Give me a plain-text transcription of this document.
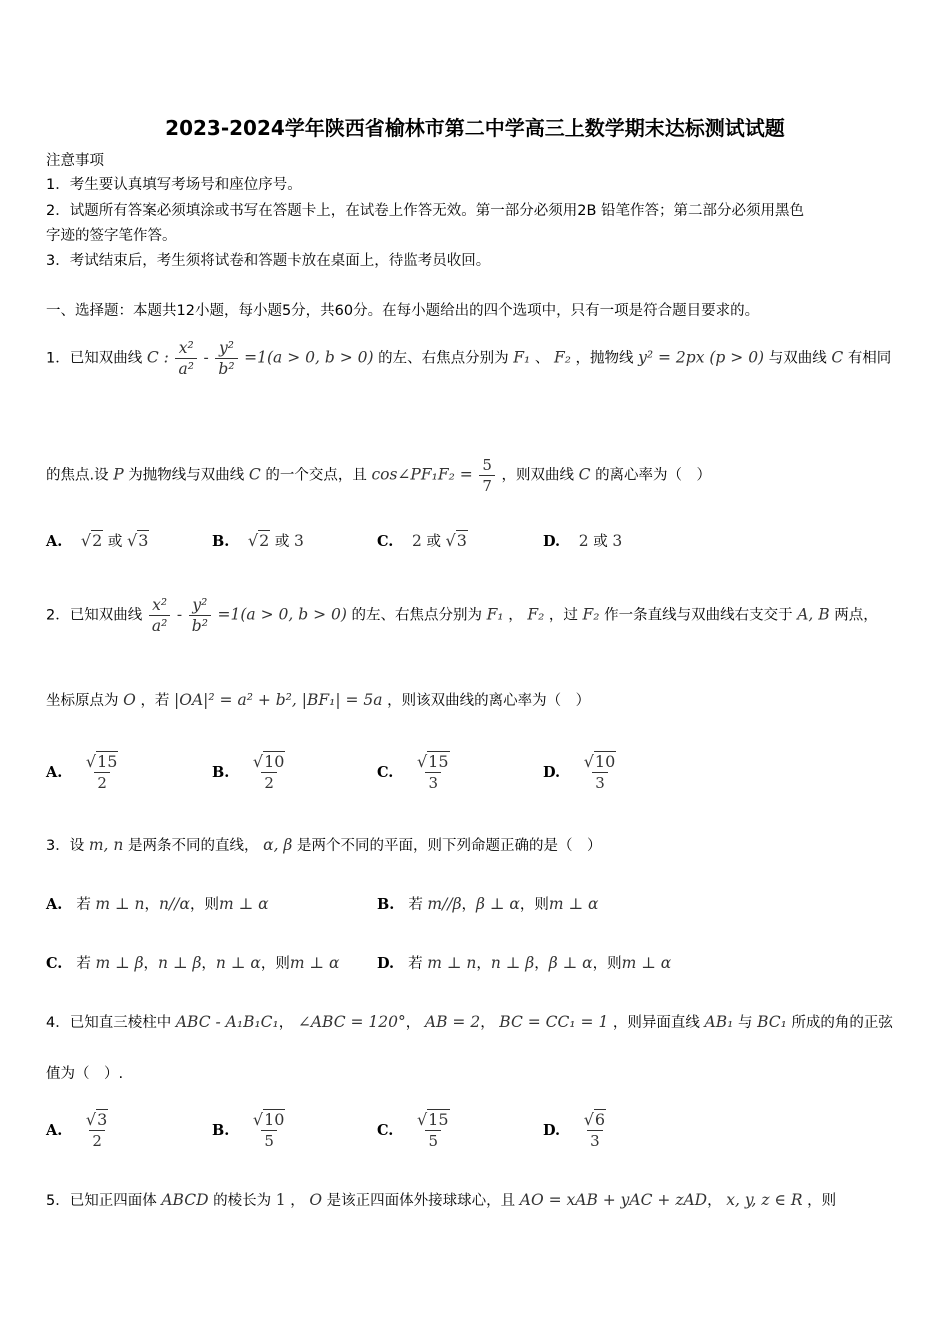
2023-2024学年陕西省榆林市第二中学高三上数学期末达标测试试题
注意事项
1．考生要认真填写考场号和座位序号。
2．试题所有答案必须填涂或书写在答题卡上，在试卷上作答无效。第一部分必须用2B 铅笔作答；第二部分必须用黑色
字迹的签字笔作答。
3．考试结束后，考生须将试卷和答题卡放在桌面上，待监考员收回。
一、选择题：本题共12小题，每小题5分，共60分。在每小题给出的四个选项中，只有一项是符合题目要求的。
1．已知双曲线 C : $\frac{\text{x²}}{\text{a²}} - \frac{\text{y²}}{\text{b²}} =1(a > 0$, b > 0) 的左、右焦点分别为 F₁ 、 F₂ ，抛物线 y² = 2px (p > 0) 与双曲线 C 有相同
的焦点.设 P 为抛物线与双曲线 C 的一个交点，且 cos∠PF₁F₂ = $\frac{5}{7}$ ，则双曲线 C 的离心率为（　）
A. √2 或 √3	B. √2 或 3	C. 2 或 √3	D. 2 或 3
2．已知双曲线 $\frac{\text{x²}}{\text{a²}} - \frac{\text{y²}}{\text{b²}} =1(a > 0$, b > 0) 的左、右焦点分别为 F₁ ， F₂ ，过 F₂ 作一条直线与双曲线右支交于 A, B 两点，
坐标原点为 O ，若 |OA|² = a² + b², |BF₁| = 5a ，则该双曲线的离心率为（　）
A. $\frac{√15}{2}$	B. $\frac{√10}{2}$	C. $\frac{√15}{3}$	D. $\frac{√10}{3}$
3．设 m, n 是两条不同的直线， α, β 是两个不同的平面，则下列命题正确的是（　）
A. 若 m ⊥ n，n//α，则m ⊥ α	B. 若 m//β，β ⊥ α，则m ⊥ α
C. 若 m ⊥ β，n ⊥ β，n ⊥ α，则m ⊥ α	D. 若 m ⊥ n，n ⊥ β，β ⊥ α，则m ⊥ α
4．已知直三棱柱中 ABC - A₁B₁C₁， ∠ABC = 120°， AB = 2， BC = CC₁ = 1 ，则异面直线 AB₁ 与 BC₁ 所成的角的正弦
值为（　）.
A. $\frac{√3}{2}$	B. $\frac{√10}{5}$	C. $\frac{√15}{5}$	D. $\frac{√6}{3}$
5．已知正四面体 ABCD 的棱长为 1 ， O 是该正四面体外接球球心，且 AO = xAB + yAC + zAD， x, y, z ∈ R ，则
